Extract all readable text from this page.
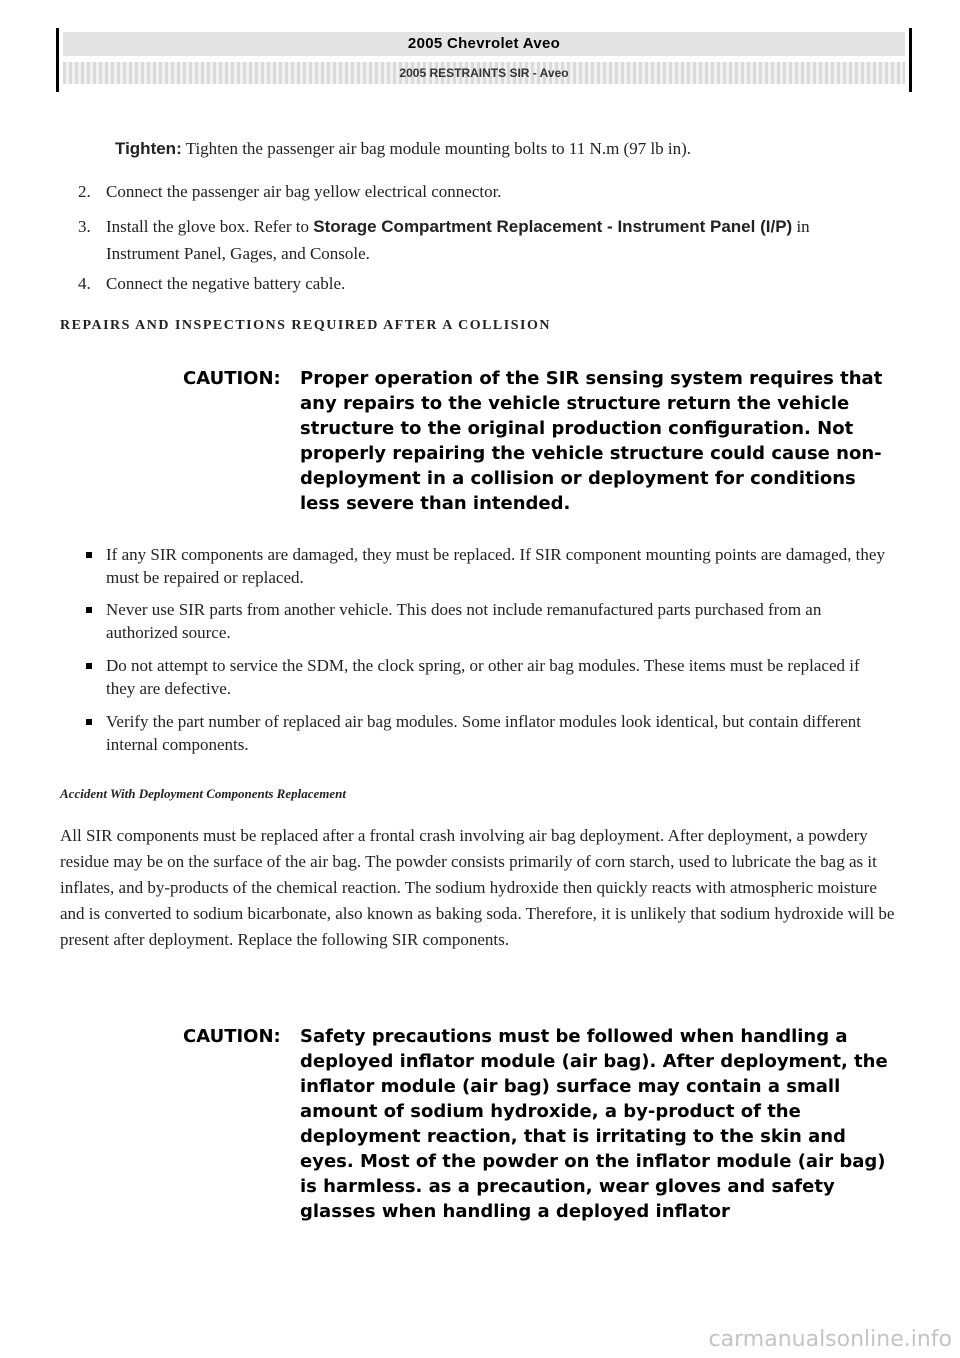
2005 Chevrolet Aveo
2005 RESTRAINTS SIR - Aveo
Tighten: Tighten the passenger air bag module mounting bolts to 11 N.m (97 lb in).
2. Connect the passenger air bag yellow electrical connector.
3. Install the glove box. Refer to Storage Compartment Replacement - Instrument Panel (I/P) in Instrument Panel, Gages, and Console.
4. Connect the negative battery cable.
REPAIRS AND INSPECTIONS REQUIRED AFTER A COLLISION
CAUTION: Proper operation of the SIR sensing system requires that any repairs to the vehicle structure return the vehicle structure to the original production configuration. Not properly repairing the vehicle structure could cause non-deployment in a collision or deployment for conditions less severe than intended.
If any SIR components are damaged, they must be replaced. If SIR component mounting points are damaged, they must be repaired or replaced.
Never use SIR parts from another vehicle. This does not include remanufactured parts purchased from an authorized source.
Do not attempt to service the SDM, the clock spring, or other air bag modules. These items must be replaced if they are defective.
Verify the part number of replaced air bag modules. Some inflator modules look identical, but contain different internal components.
Accident With Deployment Components Replacement
All SIR components must be replaced after a frontal crash involving air bag deployment. After deployment, a powdery residue may be on the surface of the air bag. The powder consists primarily of corn starch, used to lubricate the bag as it inflates, and by-products of the chemical reaction. The sodium hydroxide then quickly reacts with atmospheric moisture and is converted to sodium bicarbonate, also known as baking soda. Therefore, it is unlikely that sodium hydroxide will be present after deployment. Replace the following SIR components.
CAUTION: Safety precautions must be followed when handling a deployed inflator module (air bag). After deployment, the inflator module (air bag) surface may contain a small amount of sodium hydroxide, a by-product of the deployment reaction, that is irritating to the skin and eyes. Most of the powder on the inflator module (air bag) is harmless. as a precaution, wear gloves and safety glasses when handling a deployed inflator
carmanualsonline.info
